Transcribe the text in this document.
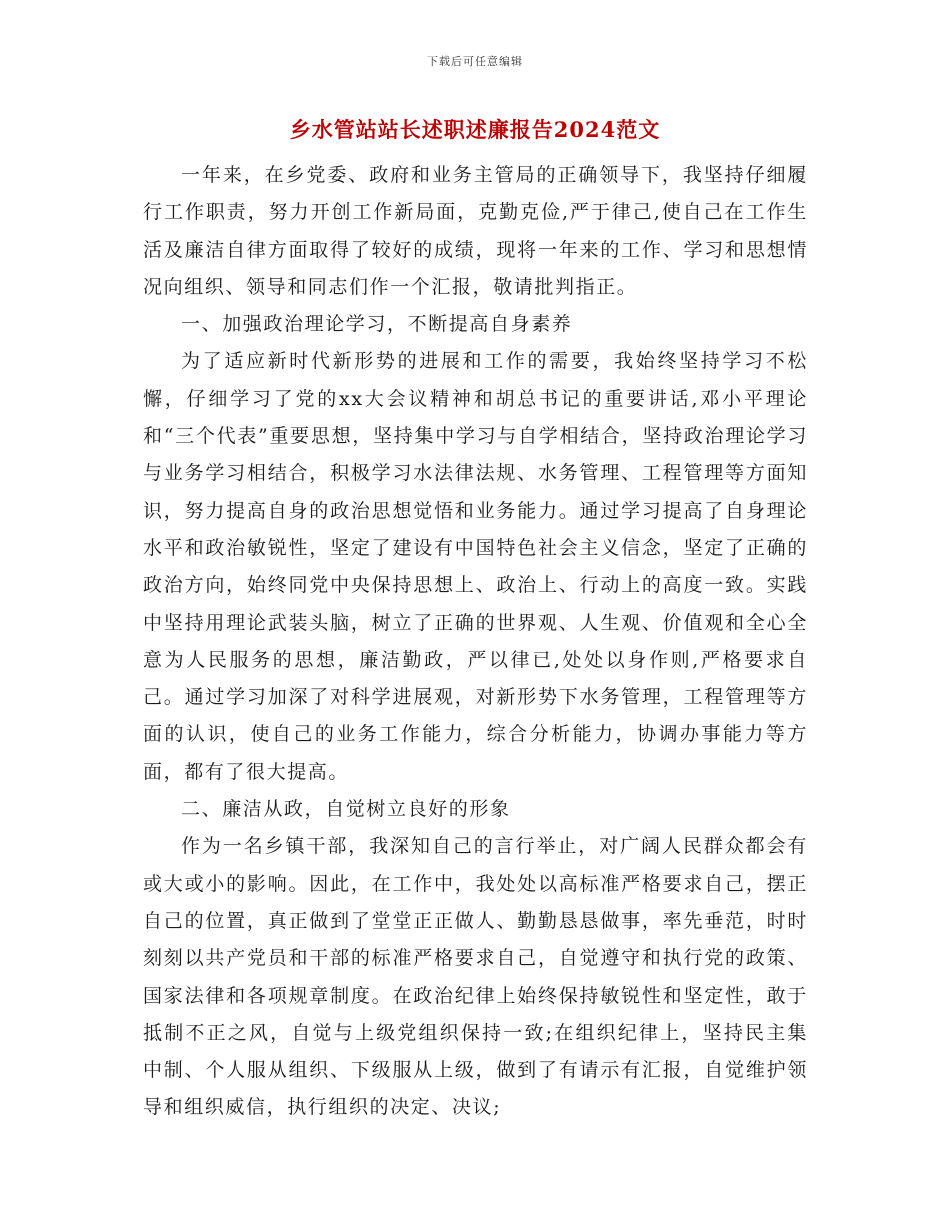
下载后可任意编辑
乡水管站站长述职述廉报告2024范文

一年来，在乡党委、政府和业务主管局的正确领导下，我坚持仔细履行工作职责，努力开创工作新局面，克勤克俭,严于律己,使自己在工作生活及廉洁自律方面取得了较好的成绩，现将一年来的工作、学习和思想情况向组织、领导和同志们作一个汇报，敬请批判指正。

一、加强政治理论学习，不断提高自身素养

为了适应新时代新形势的进展和工作的需要，我始终坚持学习不松懈，仔细学习了党的xx大会议精神和胡总书记的重要讲话,邓小平理论和“三个代表”重要思想，坚持集中学习与自学相结合，坚持政治理论学习与业务学习相结合，积极学习水法律法规、水务管理、工程管理等方面知识，努力提高自身的政治思想觉悟和业务能力。通过学习提高了自身理论水平和政治敏锐性，坚定了建设有中国特色社会主义信念，坚定了正确的政治方向，始终同党中央保持思想上、政治上、行动上的高度一致。实践中坚持用理论武装头脑，树立了正确的世界观、人生观、价值观和全心全意为人民服务的思想，廉洁勤政，严以律已,处处以身作则,严格要求自己。通过学习加深了对科学进展观，对新形势下水务管理，工程管理等方面的认识，使自己的业务工作能力，综合分析能力，协调办事能力等方面，都有了很大提高。

二、廉洁从政，自觉树立良好的形象

作为一名乡镇干部，我深知自己的言行举止，对广阔人民群众都会有或大或小的影响。因此，在工作中，我处处以高标准严格要求自己，摆正自己的位置，真正做到了堂堂正正做人、勤勤恳恳做事，率先垂范，时时刻刻以共产党员和干部的标准严格要求自己，自觉遵守和执行党的政策、国家法律和各项规章制度。在政治纪律上始终保持敏锐性和坚定性，敢于抵制不正之风，自觉与上级党组织保持一致;在组织纪律上，坚持民主集中制、个人服从组织、下级服从上级，做到了有请示有汇报，自觉维护领导和组织威信，执行组织的决定、决议;
